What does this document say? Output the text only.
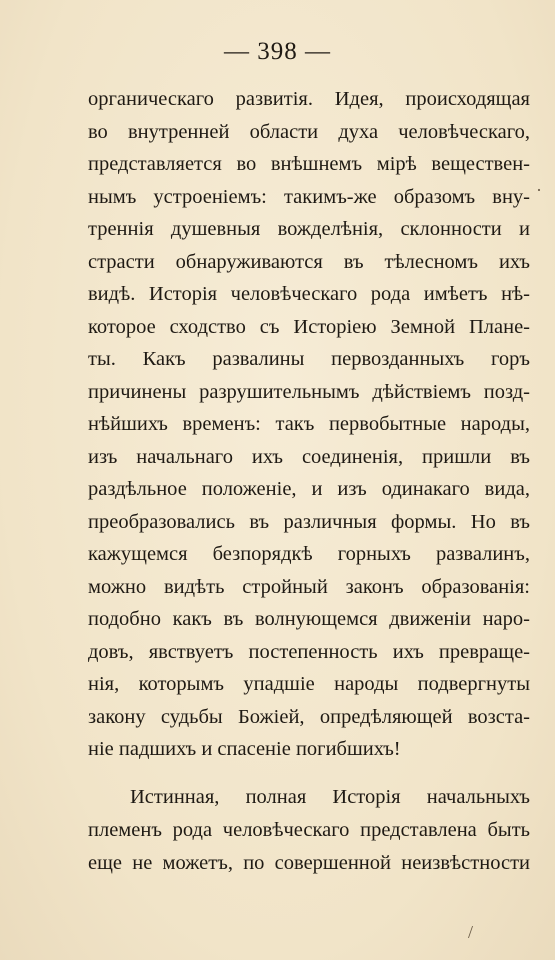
— 398 —
органическаго развитія. Идея, происходящая
во внутренней области духа человѣческаго,
представляется во внѣшнемъ мірѣ веществен-
нымъ устроеніемъ: такимъ-же образомъ вну-
треннія душевныя вожделѣнія, склонности и
страсти обнаруживаются въ тѣлесномъ ихъ
видѣ. Исторія человѣческаго рода имѣетъ нѣ-
которое сходство съ Исторіею Земной Плане-
ты. Какъ развалины первозданныхъ горъ
причинены разрушительнымъ дѣйствіемъ позд-
нѣйшихъ временъ: такъ первобытные народы,
изъ начальнаго ихъ соединенія, пришли въ
раздѣльное положеніе, и изъ одинакаго вида,
преобразовались въ различныя формы. Но въ
кажущемся безпорядкѣ горныхъ развалинъ,
можно видѣть стройный законъ образованія:
подобно какъ въ волнующемся движеніи наро-
довъ, явствуетъ постепенность ихъ превраще-
нія, которымъ упадшіе народы подвергнуты
закону судьбы Божіей, опредѣляющей возста-
ніе падшихъ и спасеніе погибшихъ!
Истинная, полная Исторія начальныхъ
племенъ рода человѣческаго представлена быть
еще не можетъ, по совершенной неизвѣстности
·
/
